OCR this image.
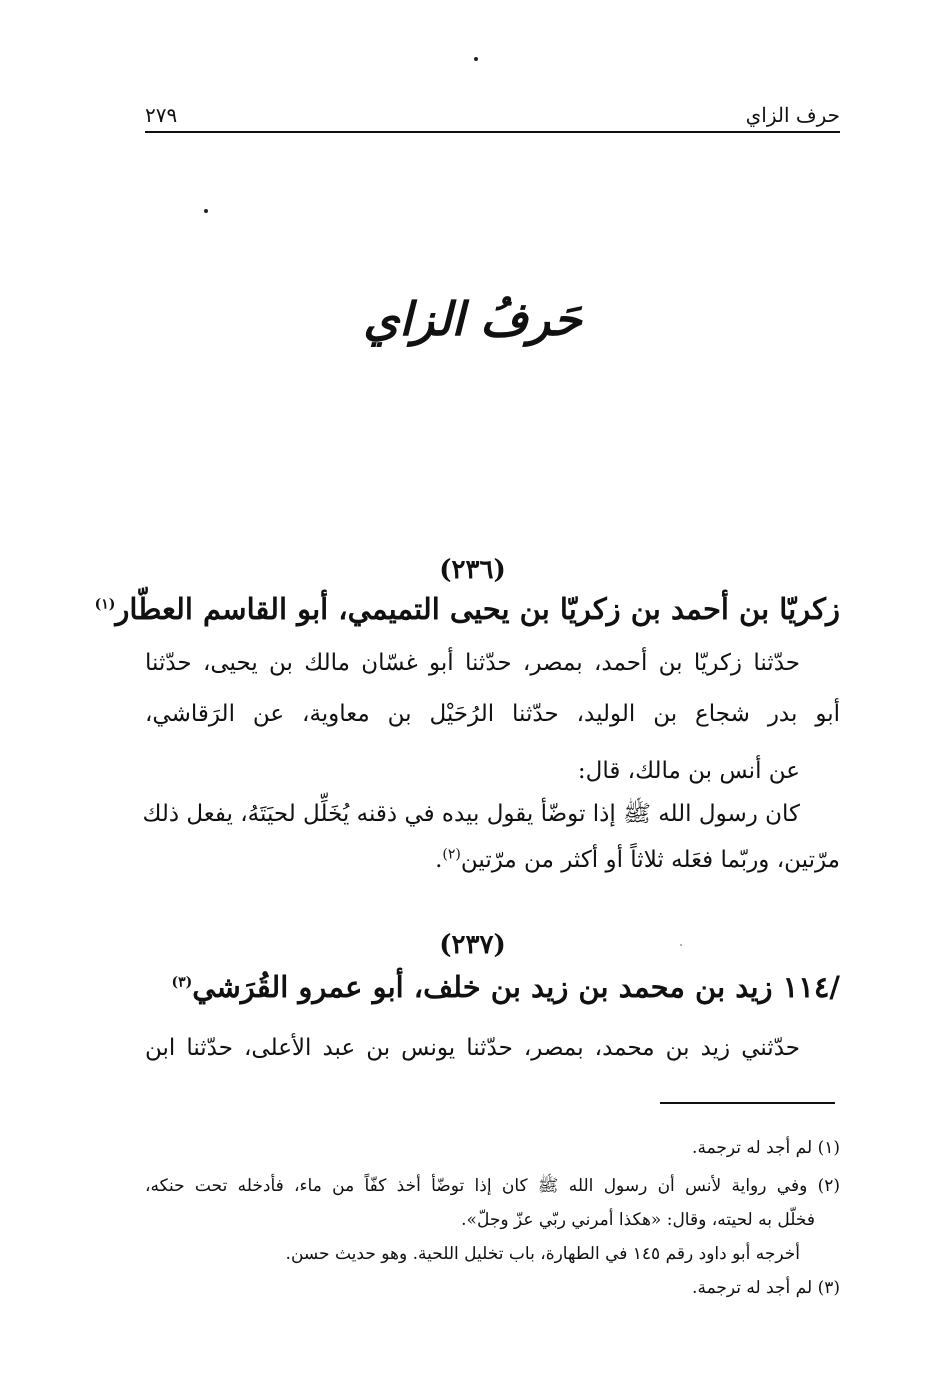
حرف الزاي
٢٧٩
حَرفُ الزاي
(٢٣٦)
زكريّا بن أحمد بن زكريّا بن يحيى التميمي، أبو القاسم العطّار$^{(١)}$
حدّثنا زكريّا بن أحمد، بمصر، حدّثنا أبو غسّان مالك بن يحيى، حدّثنا
أبو بدر شجاع بن الوليد، حدّثنا الرُحَيْل بن معاوية، عن الرَقاشي،
عن أنس بن مالك، قال:
كان رسول الله ﷺ إذا توضّأ يقول بيده في ذقنه يُخَلِّل لحيَتَهُ، يفعل ذلك
مرّتين، وربّما فعَله ثلاثاً أو أكثر من مرّتين$^{(٢)}$.
(٢٣٧)
/١١٤ زيد بن محمد بن زيد بن خلف، أبو عمرو القُرَشي$^{(٣)}$
حدّثني زيد بن محمد، بمصر، حدّثنا يونس بن عبد الأعلى، حدّثنا ابن
(١) لم أجد له ترجمة.
(٢) وفي رواية لأنس أن رسول الله ﷺ كان إذا توضّأ أخذ كفّاً من ماء، فأدخله تحت حنكه،
فخلّل به لحيته، وقال: «هكذا أمرني ربّي عزّ وجلّ».
أخرجه أبو داود رقم ١٤٥ في الطهارة، باب تخليل اللحية. وهو حديث حسن.
(٣) لم أجد له ترجمة.
